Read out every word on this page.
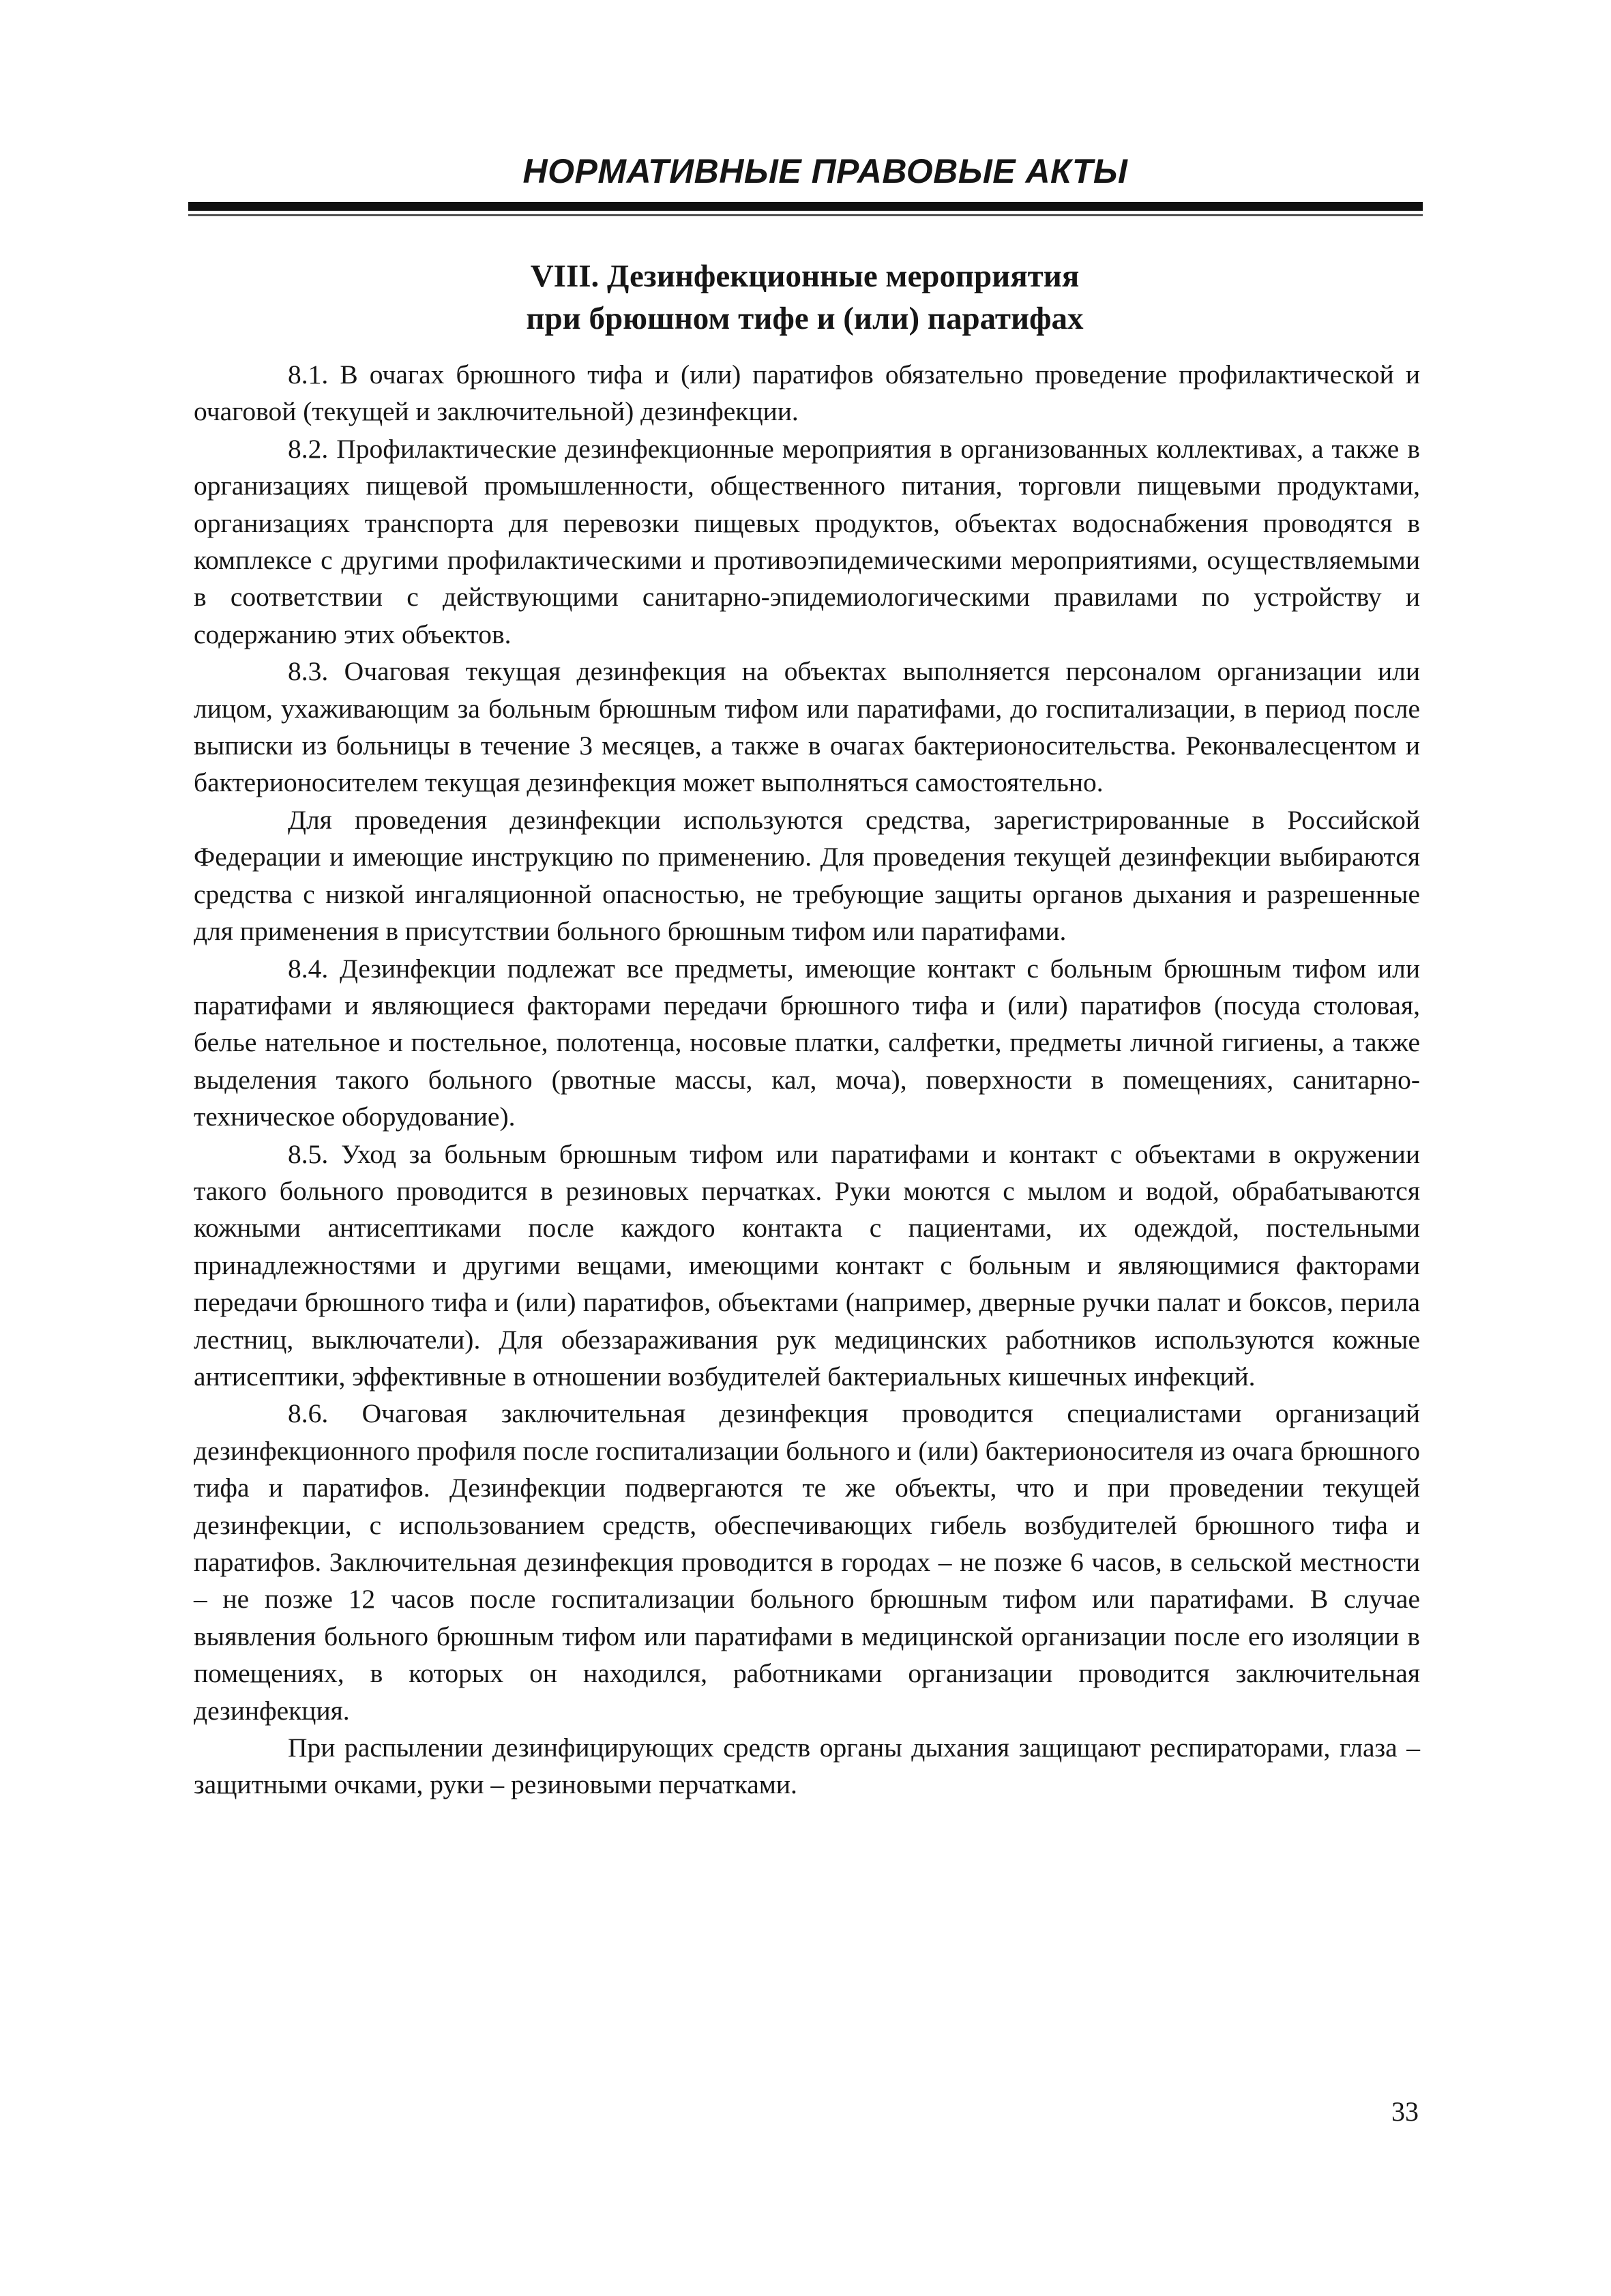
НОРМАТИВНЫЕ ПРАВОВЫЕ АКТЫ
VIII. Дезинфекционные мероприятия
при брюшном тифе и (или) паратифах

8.1. В очагах брюшного тифа и (или) паратифов обязательно проведение профилактической и очаговой (текущей и заключительной) дезинфекции.

8.2. Профилактические дезинфекционные мероприятия в организованных коллективах, а также в организациях пищевой промышленности, общественного питания, торговли пищевыми продуктами, организациях транспорта для перевозки пищевых продуктов, объектах водоснабжения проводятся в комплексе с другими профилактическими и противоэпидемическими мероприятиями, осуществляемыми в соответствии с действующими санитарно-эпидемиологическими правилами по устройству и содержанию этих объектов.

8.3. Очаговая текущая дезинфекция на объектах выполняется персоналом организации или лицом, ухаживающим за больным брюшным тифом или паратифами, до госпитализации, в период после выписки из больницы в течение 3 месяцев, а также в очагах бактерионосительства. Реконвалесцентом и бактерионосителем текущая дезинфекция может выполняться самостоятельно.

Для проведения дезинфекции используются средства, зарегистрированные в Российской Федерации и имеющие инструкцию по применению. Для проведения текущей дезинфекции выбираются средства с низкой ингаляционной опасностью, не требующие защиты органов дыхания и разрешенные для применения в присутствии больного брюшным тифом или паратифами.

8.4. Дезинфекции подлежат все предметы, имеющие контакт с больным брюшным тифом или паратифами и являющиеся факторами передачи брюшного тифа и (или) паратифов (посуда столовая, белье нательное и постельное, полотенца, носовые платки, салфетки, предметы личной гигиены, а также выделения такого больного (рвотные массы, кал, моча), поверхности в помещениях, санитарно-техническое оборудование).

8.5. Уход за больным брюшным тифом или паратифами и контакт с объектами в окружении такого больного проводится в резиновых перчатках. Руки моются с мылом и водой, обрабатываются кожными антисептиками после каждого контакта с пациентами, их одеждой, постельными принадлежностями и другими вещами, имеющими контакт с больным и являющимися факторами передачи брюшного тифа и (или) паратифов, объектами (например, дверные ручки палат и боксов, перила лестниц, выключатели). Для обеззараживания рук медицинских работников используются кожные антисептики, эффективные в отношении возбудителей бактериальных кишечных инфекций.

8.6. Очаговая заключительная дезинфекция проводится специалистами организаций дезинфекционного профиля после госпитализации больного и (или) бактерионосителя из очага брюшного тифа и паратифов. Дезинфекции подвергаются те же объекты, что и при проведении текущей дезинфекции, с использованием средств, обеспечивающих гибель возбудителей брюшного тифа и паратифов. Заключительная дезинфекция проводится в городах – не позже 6 часов, в сельской местности – не позже 12 часов после госпитализации больного брюшным тифом или паратифами. В случае выявления больного брюшным тифом или паратифами в медицинской организации после его изоляции в помещениях, в которых он находился, работниками организации проводится заключительная дезинфекция.

При распылении дезинфицирующих средств органы дыхания защищают респираторами, глаза – защитными очками, руки – резиновыми перчатками.

33
